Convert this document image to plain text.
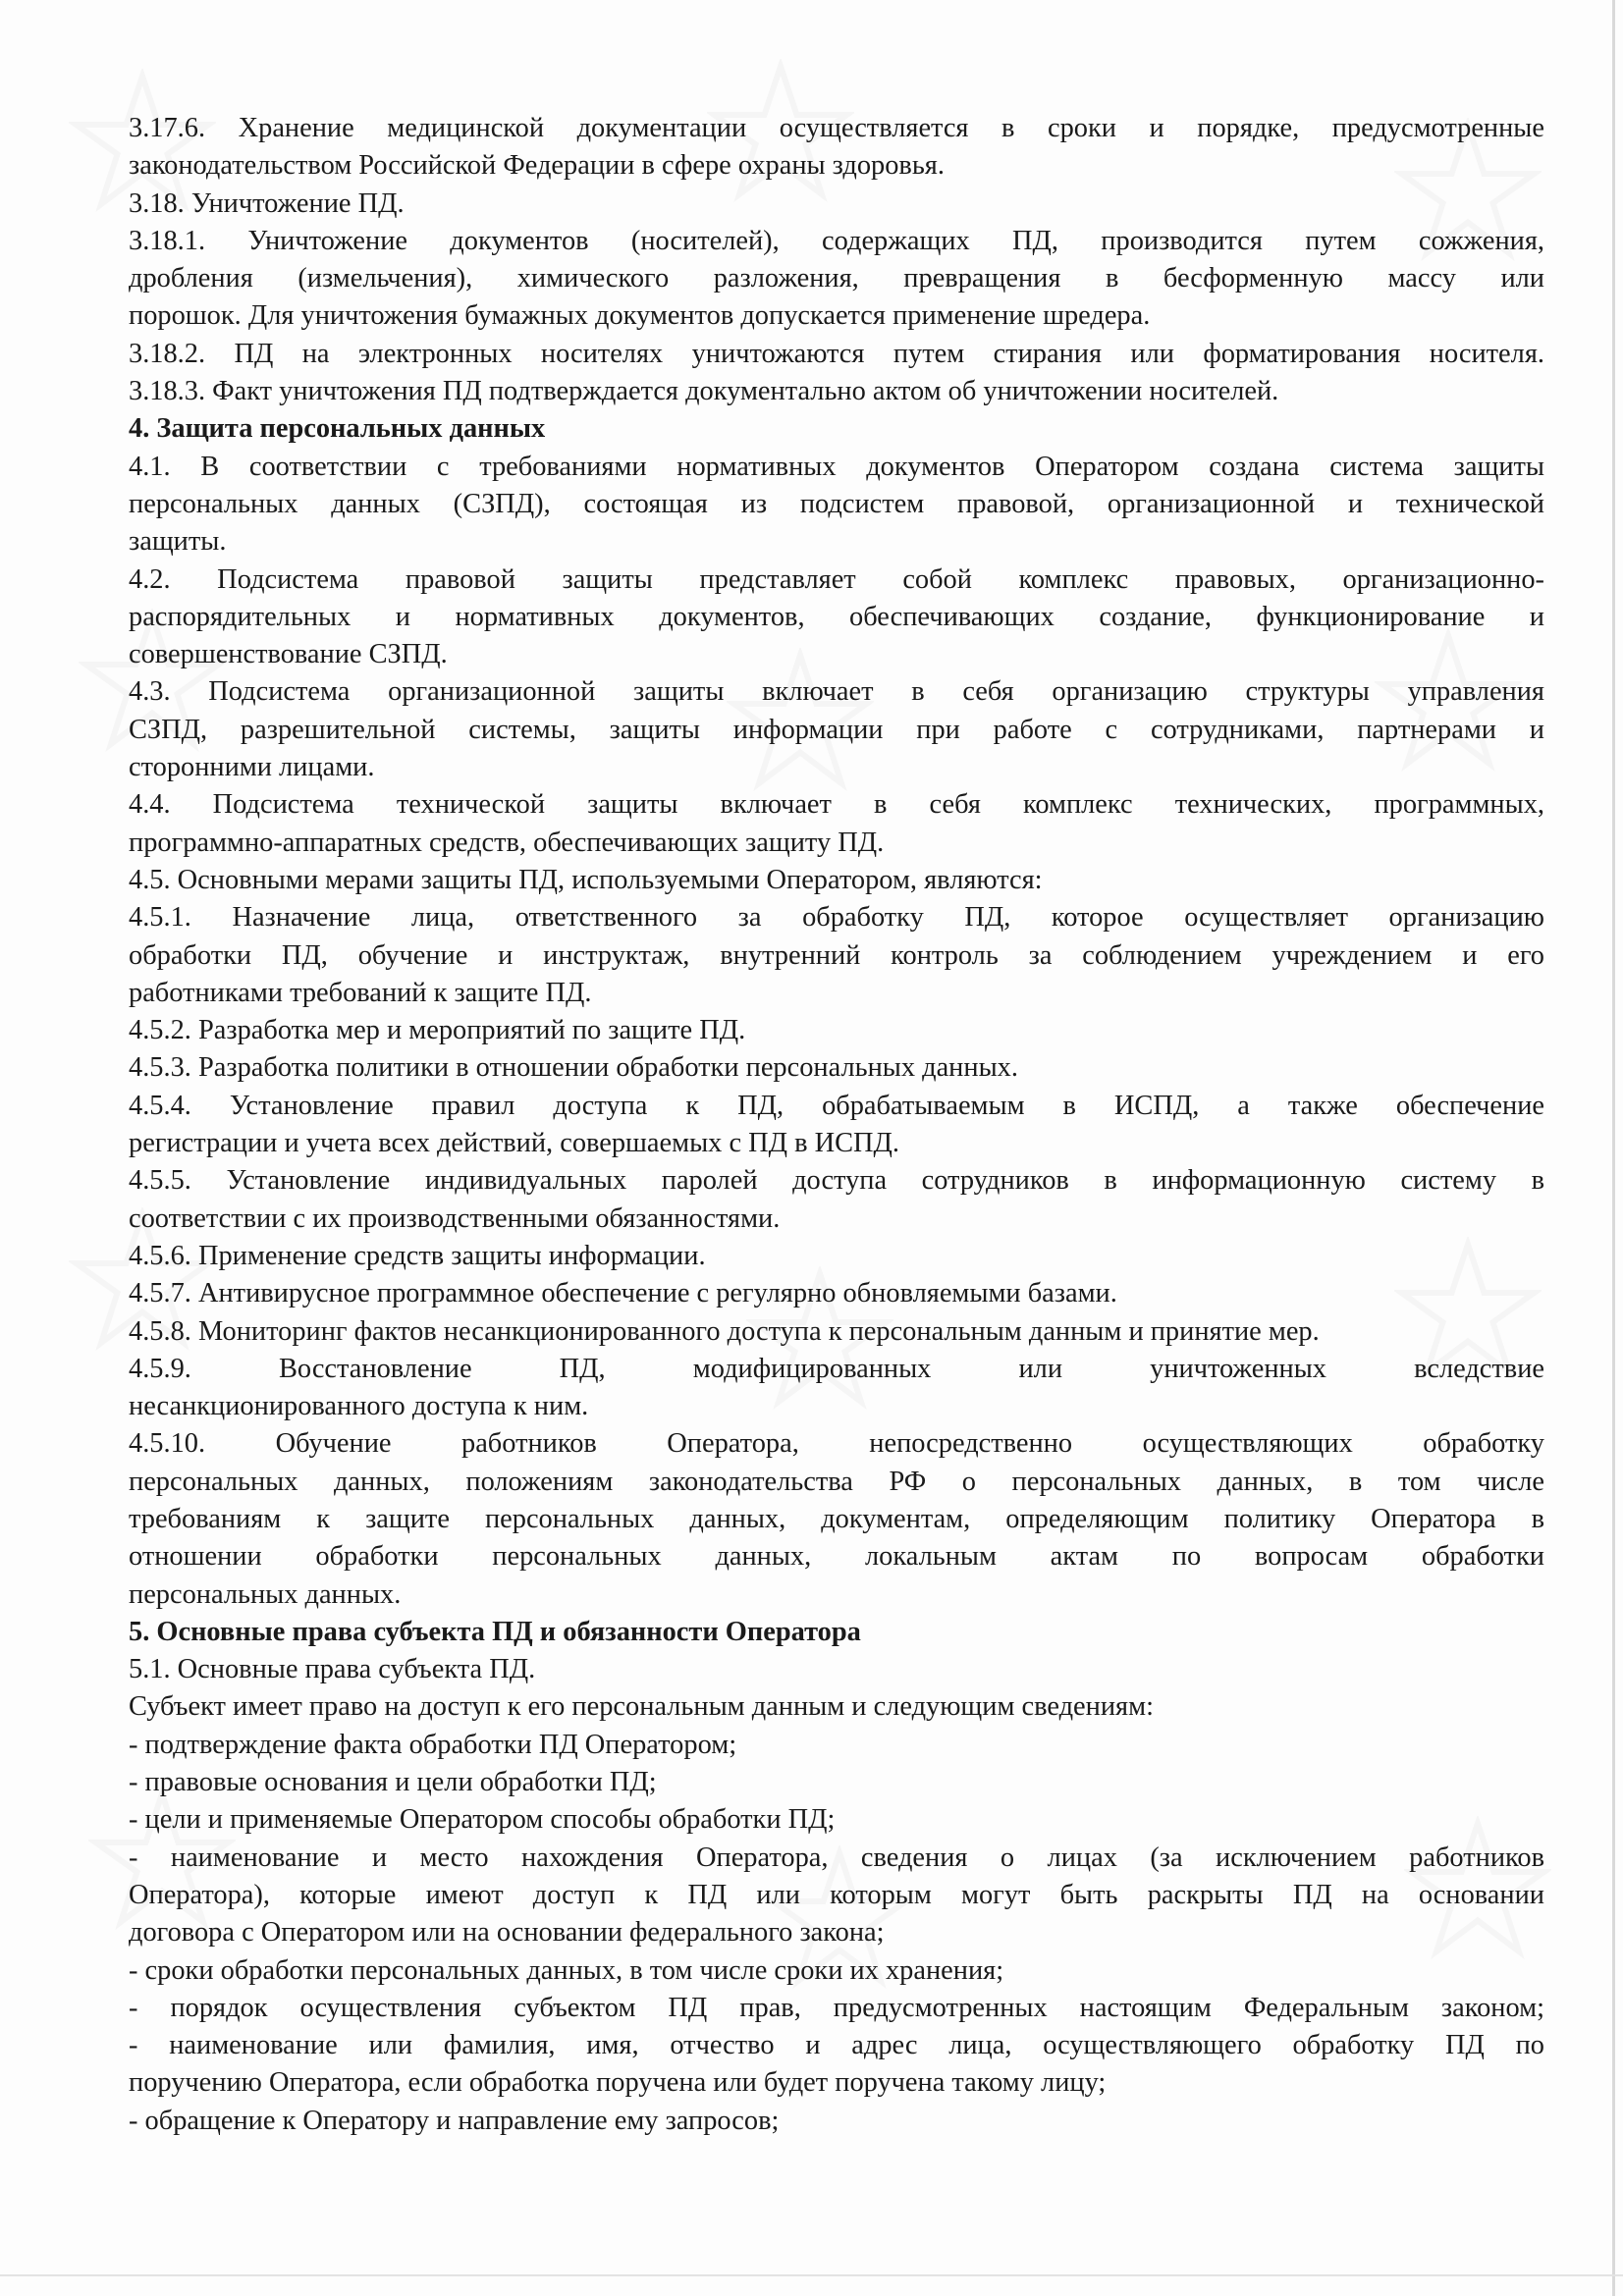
3.17.6. Хранение медицинской документации осуществляется в сроки и порядке, предусмотренные
законодательством Российской Федерации в сфере охраны здоровья.
3.18. Уничтожение ПД.
3.18.1. Уничтожение документов (носителей), содержащих ПД, производится путем сожжения,
дробления (измельчения), химического разложения, превращения в бесформенную массу или
порошок. Для уничтожения бумажных документов допускается применение шредера.
3.18.2. ПД на электронных носителях уничтожаются путем стирания или форматирования носителя.
3.18.3. Факт уничтожения ПД подтверждается документально актом об уничтожении носителей.
4. Защита персональных данных
4.1. В соответствии с требованиями нормативных документов Оператором создана система защиты
персональных данных (СЗПД), состоящая из подсистем правовой, организационной и технической
защиты.
4.2. Подсистема правовой защиты представляет собой комплекс правовых, организационно-
распорядительных и нормативных документов, обеспечивающих создание, функционирование и
совершенствование СЗПД.
4.3. Подсистема организационной защиты включает в себя организацию структуры управления
СЗПД, разрешительной системы, защиты информации при работе с сотрудниками, партнерами и
сторонними лицами.
4.4. Подсистема технической защиты включает в себя комплекс технических, программных,
программно-аппаратных средств, обеспечивающих защиту ПД.
4.5. Основными мерами защиты ПД, используемыми Оператором, являются:
4.5.1. Назначение лица, ответственного за обработку ПД, которое осуществляет организацию
обработки ПД, обучение и инструктаж, внутренний контроль за соблюдением учреждением и его
работниками требований к защите ПД.
4.5.2. Разработка мер и мероприятий по защите ПД.
4.5.3. Разработка политики в отношении обработки персональных данных.
4.5.4. Установление правил доступа к ПД, обрабатываемым в ИСПД, а также обеспечение
регистрации и учета всех действий, совершаемых с ПД в ИСПД.
4.5.5. Установление индивидуальных паролей доступа сотрудников в информационную систему в
соответствии с их производственными обязанностями.
4.5.6. Применение средств защиты информации.
4.5.7. Антивирусное программное обеспечение с регулярно обновляемыми базами.
4.5.8. Мониторинг фактов несанкционированного доступа к персональным данным и принятие мер.
4.5.9. Восстановление ПД, модифицированных или уничтоженных вследствие
несанкционированного доступа к ним.
4.5.10. Обучение работников Оператора, непосредственно осуществляющих обработку
персональных данных, положениям законодательства РФ о персональных данных, в том числе
требованиям к защите персональных данных, документам, определяющим политику Оператора в
отношении обработки персональных данных, локальным актам по вопросам обработки
персональных данных.
5. Основные права субъекта ПД и обязанности Оператора
5.1. Основные права субъекта ПД.
Субъект имеет право на доступ к его персональным данным и следующим сведениям:
- подтверждение факта обработки ПД Оператором;
- правовые основания и цели обработки ПД;
- цели и применяемые Оператором способы обработки ПД;
- наименование и место нахождения Оператора, сведения о лицах (за исключением работников
Оператора), которые имеют доступ к ПД или которым могут быть раскрыты ПД на основании
договора с Оператором или на основании федерального закона;
- сроки обработки персональных данных, в том числе сроки их хранения;
- порядок осуществления субъектом ПД прав, предусмотренных настоящим Федеральным законом;
- наименование или фамилия, имя, отчество и адрес лица, осуществляющего обработку ПД по
поручению Оператора, если обработка поручена или будет поручена такому лицу;
- обращение к Оператору и направление ему запросов;
